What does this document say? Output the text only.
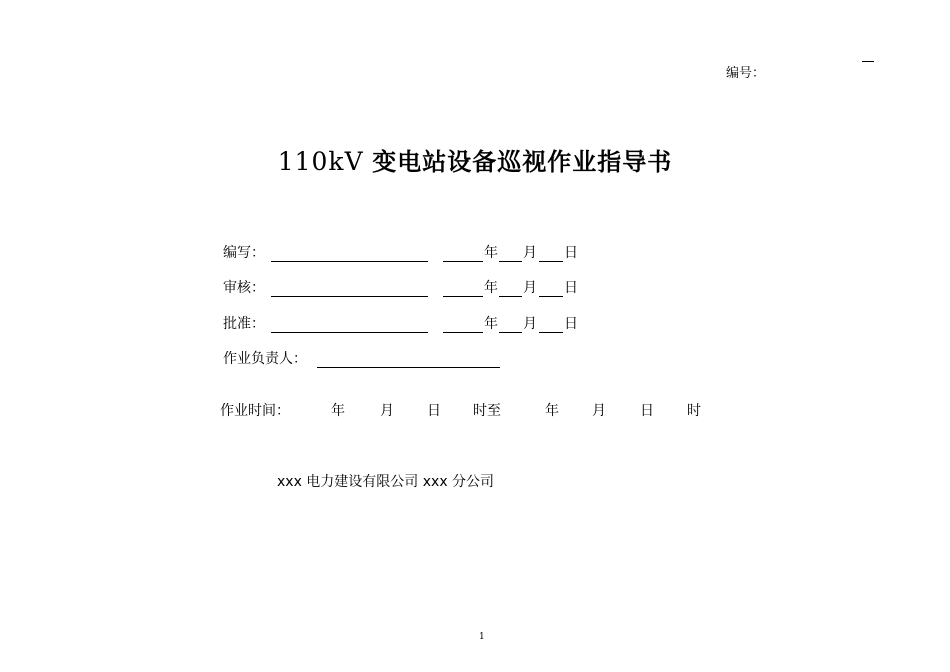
编号：
110kV 变电站设备巡视作业指导书
编写：	年 月 日
审核：	年 月 日
批准：	年 月 日
作业负责人：
作业时间：	年	月 日 时至	年 月 日 时
xxx 电力建设有限公司 xxx 分公司
1
